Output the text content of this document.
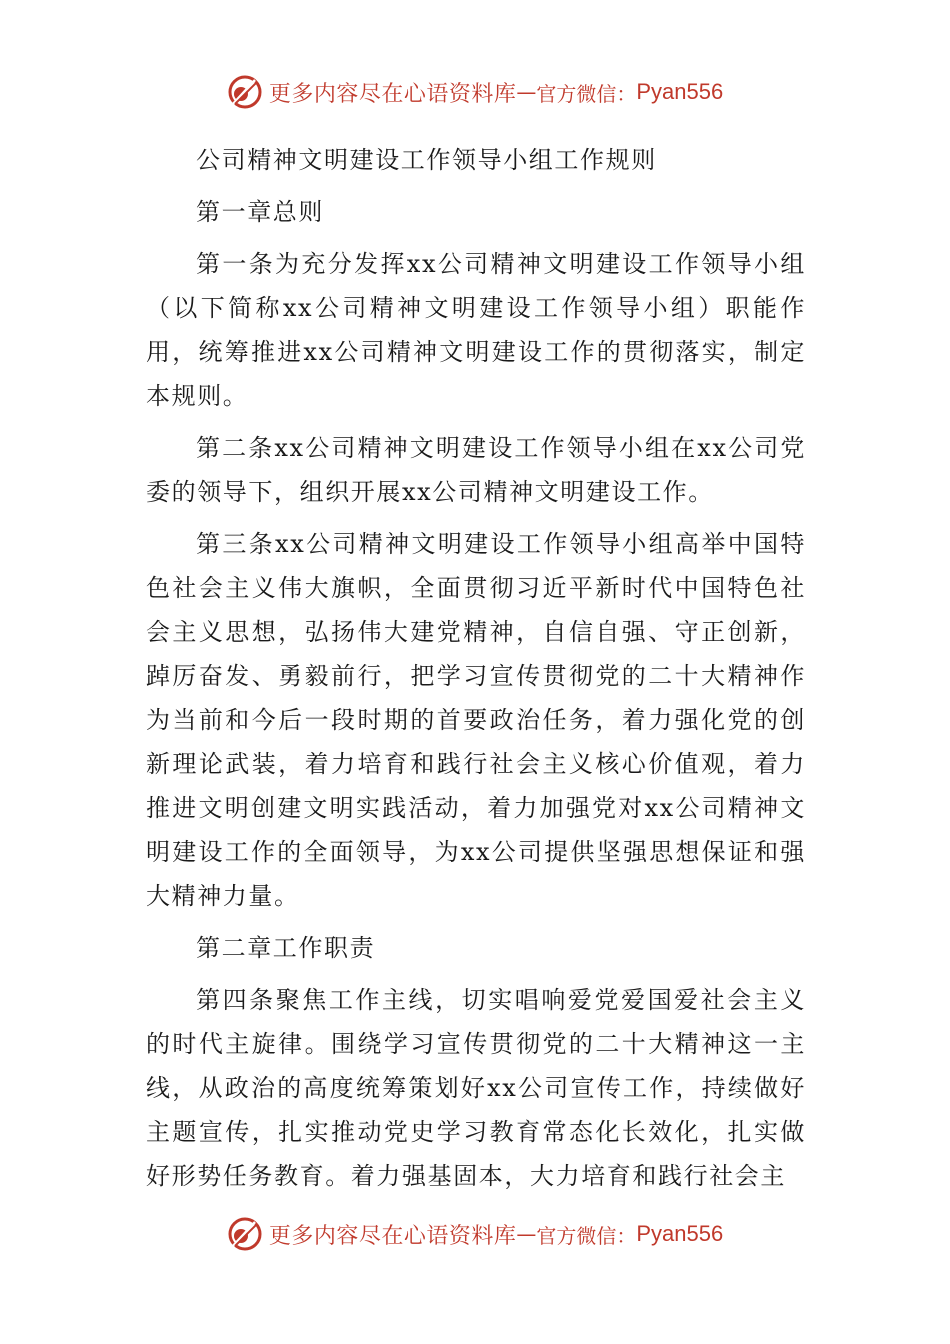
更多内容尽在心语资料库 — 官方微信： Pyan556

公司精神文明建设工作领导小组工作规则

第一章总则

第一条为充分发挥xx公司精神文明建设工作领导小组（以下简称xx公司精神文明建设工作领导小组）职能作用，统筹推进xx公司精神文明建设工作的贯彻落实，制定本规则。

第二条xx公司精神文明建设工作领导小组在xx公司党委的领导下，组织开展xx公司精神文明建设工作。

第三条xx公司精神文明建设工作领导小组高举中国特色社会主义伟大旗帜，全面贯彻习近平新时代中国特色社会主义思想，弘扬伟大建党精神，自信自强、守正创新，踔厉奋发、勇毅前行，把学习宣传贯彻党的二十大精神作为当前和今后一段时期的首要政治任务，着力强化党的创新理论武装，着力培育和践行社会主义核心价值观，着力推进文明创建文明实践活动，着力加强党对xx公司精神文明建设工作的全面领导，为xx公司提供坚强思想保证和强大精神力量。

第二章工作职责

第四条聚焦工作主线，切实唱响爱党爱国爱社会主义的时代主旋律。围绕学习宣传贯彻党的二十大精神这一主线，从政治的高度统筹策划好xx公司宣传工作，持续做好主题宣传，扎实推动党史学习教育常态化长效化，扎实做好形势任务教育。着力强基固本，大力培育和践行社会主

更多内容尽在心语资料库 — 官方微信： Pyan556
